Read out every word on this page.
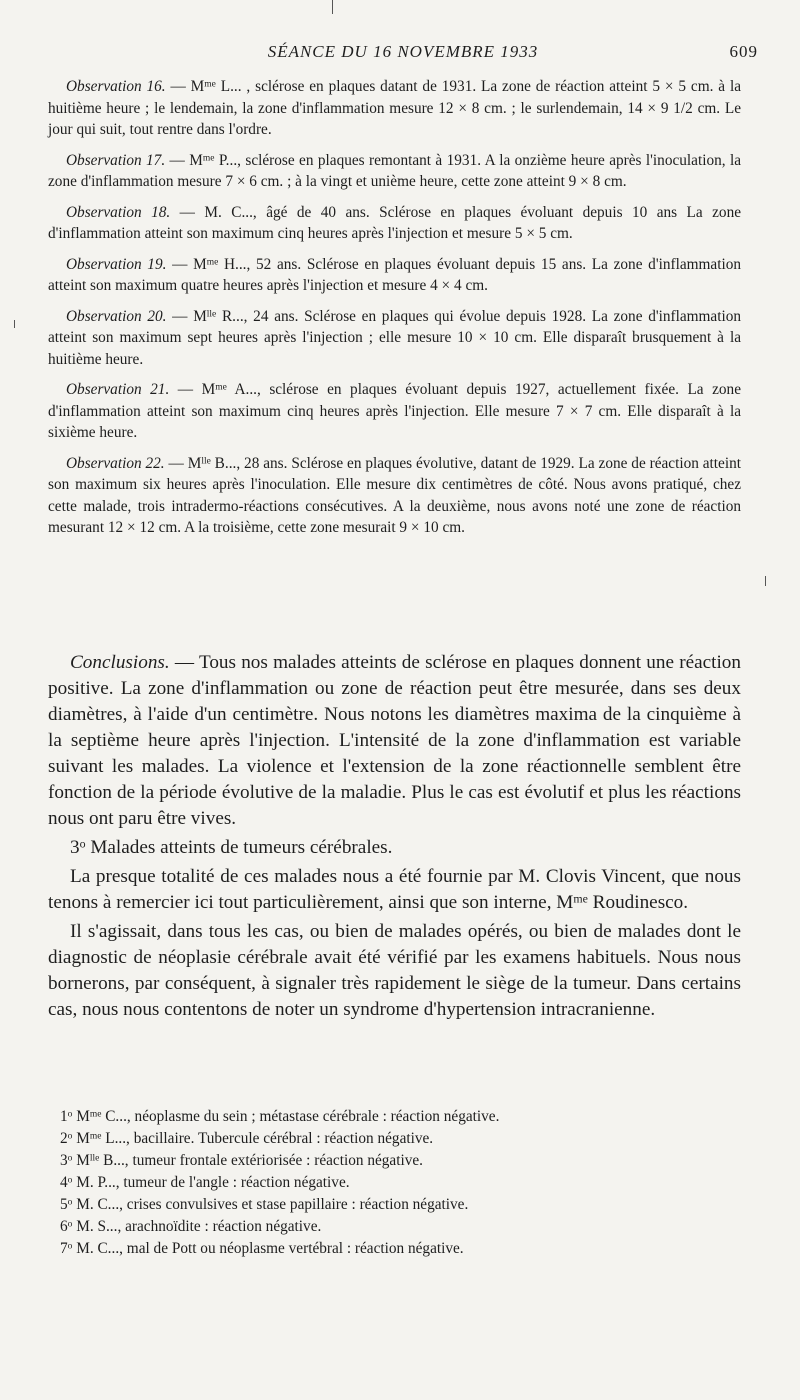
SÉANCE DU 16 NOVEMBRE 1933	609

Observation 16. — $M^{me}$ L... , sclérose en plaques datant de 1931. La zone de réaction atteint 5 × 5 cm. à la huitième heure ; le lendemain, la zone d'inflammation mesure 12 × 8 cm. ; le surlendemain, 14 × 9 1/2 cm. Le jour qui suit, tout rentre dans l'ordre.

Observation 17. — $M^{me}$ P..., sclérose en plaques remontant à 1931. A la onzième heure après l'inoculation, la zone d'inflammation mesure 7 × 6 cm. ; à la vingt et unième heure, cette zone atteint 9 × 8 cm.

Observation 18. — M. C..., âgé de 40 ans. Sclérose en plaques évoluant depuis 10 ans La zone d'inflammation atteint son maximum cinq heures après l'injection et mesure 5 × 5 cm.

Observation 19. — $M^{me}$ H..., 52 ans. Sclérose en plaques évoluant depuis 15 ans. La zone d'inflammation atteint son maximum quatre heures après l'injection et mesure 4 × 4 cm.

Observation 20. — $M^{lle}$ R..., 24 ans. Sclérose en plaques qui évolue depuis 1928. La zone d'inflammation atteint son maximum sept heures après l'injection ; elle mesure 10 × 10 cm. Elle disparaît brusquement à la huitième heure.

Observation 21. — $M^{me}$ A..., sclérose en plaques évoluant depuis 1927, actuellement fixée. La zone d'inflammation atteint son maximum cinq heures après l'injection. Elle mesure 7 × 7 cm. Elle disparaît à la sixième heure.

Observation 22. — $M^{lle}$ B..., 28 ans. Sclérose en plaques évolutive, datant de 1929. La zone de réaction atteint son maximum six heures après l'inoculation. Elle mesure dix centimètres de côté. Nous avons pratiqué, chez cette malade, trois intradermo-réactions consécutives. A la deuxième, nous avons noté une zone de réaction mesurant 12 × 12 cm. A la troisième, cette zone mesurait 9 × 10 cm.

Conclusions. — Tous nos malades atteints de sclérose en plaques donnent une réaction positive. La zone d'inflammation ou zone de réaction peut être mesurée, dans ses deux diamètres, à l'aide d'un centimètre. Nous notons les diamètres maxima de la cinquième à la septième heure après l'injection. L'intensité de la zone d'inflammation est variable suivant les malades. La violence et l'extension de la zone réactionnelle semblent être fonction de la période évolutive de la maladie. Plus le cas est évolutif et plus les réactions nous ont paru être vives.

3$^o$ Malades atteints de tumeurs cérébrales.

La presque totalité de ces malades nous a été fournie par M. Clovis Vincent, que nous tenons à remercier ici tout particulièrement, ainsi que son interne, $M^{me}$ Roudinesco.

Il s'agissait, dans tous les cas, ou bien de malades opérés, ou bien de malades dont le diagnostic de néoplasie cérébrale avait été vérifié par les examens habituels. Nous nous bornerons, par conséquent, à signaler très rapidement le siège de la tumeur. Dans certains cas, nous nous contentons de noter un syndrome d'hypertension intracranienne.

1$^o$ $M^{me}$ C..., néoplasme du sein ; métastase cérébrale : réaction négative.
2$^o$ $M^{me}$ L..., bacillaire. Tubercule cérébral : réaction négative.
3$^o$ $M^{lle}$ B..., tumeur frontale extériorisée : réaction négative.
4$^o$ M. P..., tumeur de l'angle : réaction négative.
5$^o$ M. C..., crises convulsives et stase papillaire : réaction négative.
6$^o$ M. S..., arachnoïdite : réaction négative.
7$^o$ M. C..., mal de Pott ou néoplasme vertébral : réaction négative.
